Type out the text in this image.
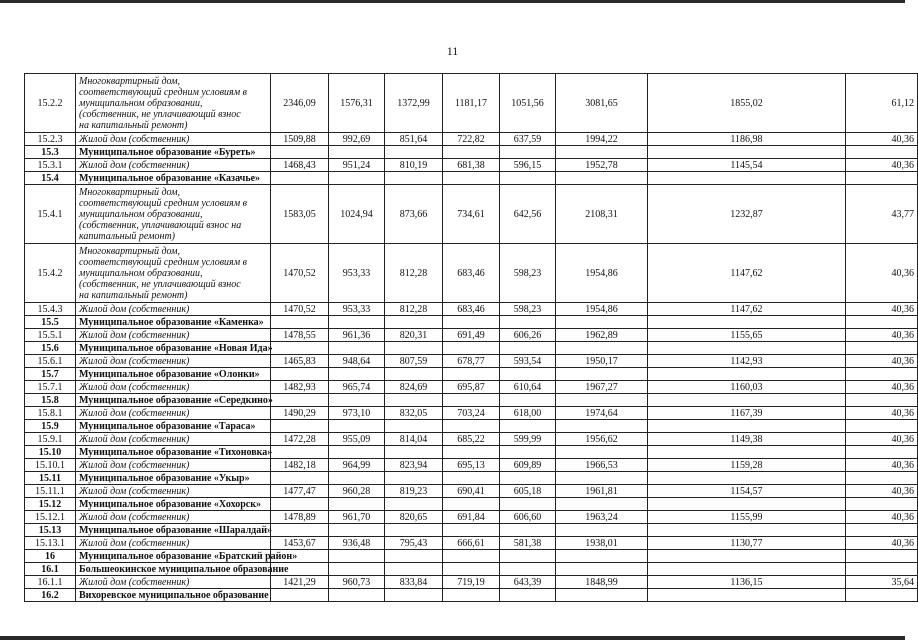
11
15.2.2	Многоквартирный дом,
соответствующий средним условиям в
муниципальном образовании,
(собственник, не уплачивающий взнос
на капитальный ремонт)	2346,09	1576,31	1372,99	1181,17	1051,56	3081,65	1855,02	61,12
15.2.3	Жилой дом (собственник)	1509,88	992,69	851,64	722,82	637,59	1994,22	1186,98	40,36
15.3	Муниципальное образование «Буреть»								
15.3.1	Жилой дом (собственник)	1468,43	951,24	810,19	681,38	596,15	1952,78	1145,54	40,36
15.4	Муниципальное образование «Казачье»								
15.4.1	Многоквартирный дом,
соответствующий средним условиям в
муниципальном образовании,
(собственник, уплачивающий взнос на
капитальный ремонт)	1583,05	1024,94	873,66	734,61	642,56	2108,31	1232,87	43,77
15.4.2	Многоквартирный дом,
соответствующий средним условиям в
муниципальном образовании,
(собственник, не уплачивающий взнос
на капитальный ремонт)	1470,52	953,33	812,28	683,46	598,23	1954,86	1147,62	40,36
15.4.3	Жилой дом (собственник)	1470,52	953,33	812,28	683,46	598,23	1954,86	1147,62	40,36
15.5	Муниципальное образование «Каменка»								
15.5.1	Жилой дом (собственник)	1478,55	961,36	820,31	691,49	606,26	1962,89	1155,65	40,36
15.6	Муниципальное образование «Новая Ида»								
15.6.1	Жилой дом (собственник)	1465,83	948,64	807,59	678,77	593,54	1950,17	1142,93	40,36
15.7	Муниципальное образование «Олонки»								
15.7.1	Жилой дом (собственник)	1482,93	965,74	824,69	695,87	610,64	1967,27	1160,03	40,36
15.8	Муниципальное образование «Середкино»								
15.8.1	Жилой дом (собственник)	1490,29	973,10	832,05	703,24	618,00	1974,64	1167,39	40,36
15.9	Муниципальное образование «Тараса»								
15.9.1	Жилой дом (собственник)	1472,28	955,09	814,04	685,22	599,99	1956,62	1149,38	40,36
15.10	Муниципальное образование «Тихоновка»								
15.10.1	Жилой дом (собственник)	1482,18	964,99	823,94	695,13	609,89	1966,53	1159,28	40,36
15.11	Муниципальное образование «Укыр»								
15.11.1	Жилой дом (собственник)	1477,47	960,28	819,23	690,41	605,18	1961,81	1154,57	40,36
15.12	Муниципальное образование «Хохорск»								
15.12.1	Жилой дом (собственник)	1478,89	961,70	820,65	691,84	606,60	1963,24	1155,99	40,36
15.13	Муниципальное образование «Шаралдай»								
15.13.1	Жилой дом (собственник)	1453,67	936,48	795,43	666,61	581,38	1938,01	1130,77	40,36
16	Муниципальное образование «Братский район»								
16.1	Большеокинское муниципальное образование								
16.1.1	Жилой дом (собственник)	1421,29	960,73	833,84	719,19	643,39	1848,99	1136,15	35,64
16.2	Вихоревское муниципальное образование								
